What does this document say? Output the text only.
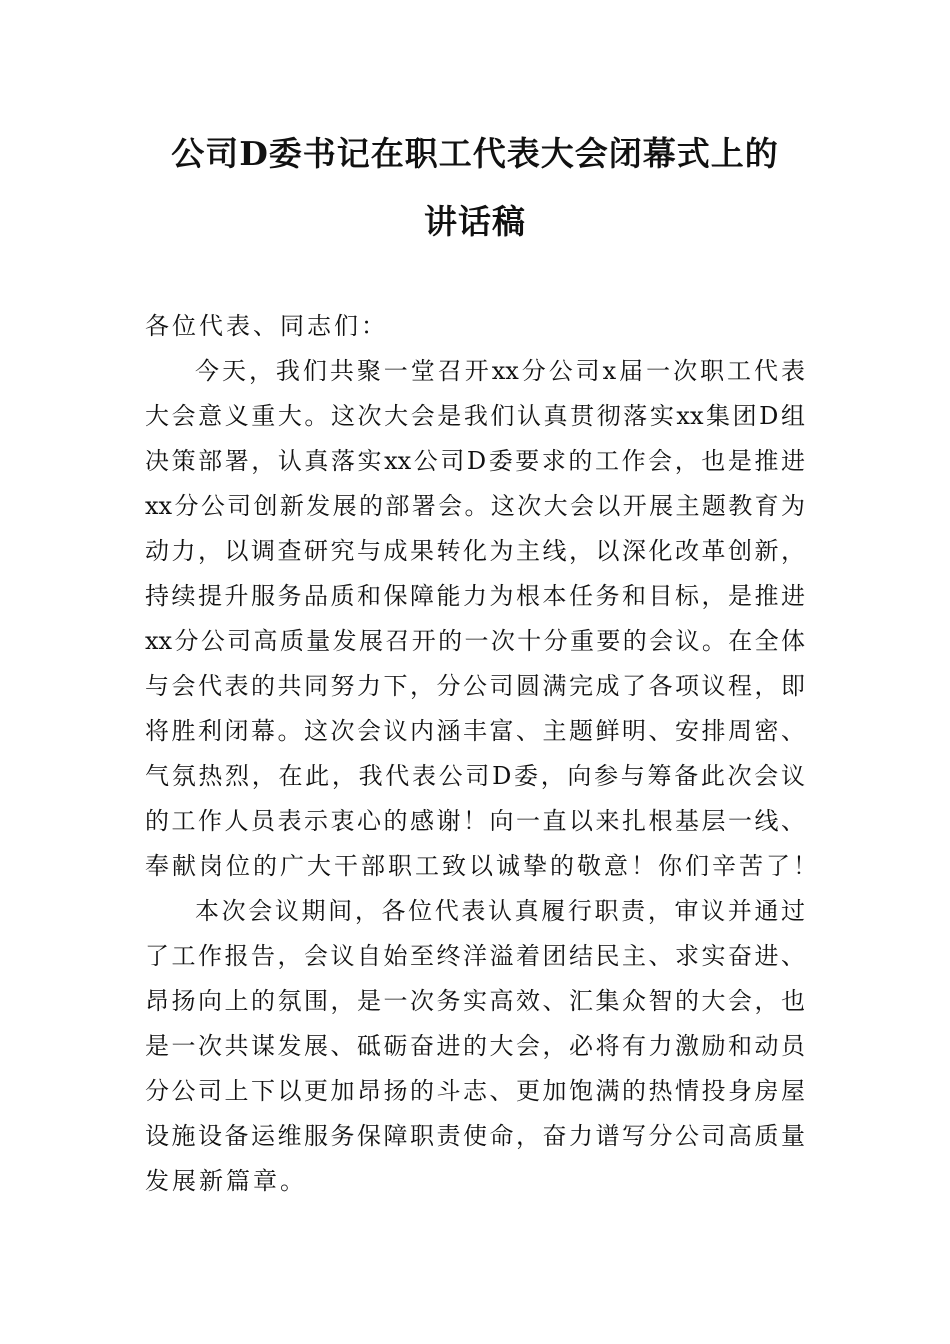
公司D委书记在职工代表大会闭幕式上的
讲话稿
各位代表、同志们：
今天，我们共聚一堂召开xx分公司x届一次职工代表
大会意义重大。这次大会是我们认真贯彻落实xx集团D组
决策部署，认真落实xx公司D委要求的工作会，也是推进
xx分公司创新发展的部署会。这次大会以开展主题教育为
动力，以调查研究与成果转化为主线，以深化改革创新，
持续提升服务品质和保障能力为根本任务和目标，是推进
xx分公司高质量发展召开的一次十分重要的会议。在全体
与会代表的共同努力下，分公司圆满完成了各项议程，即
将胜利闭幕。这次会议内涵丰富、主题鲜明、安排周密、
气氛热烈，在此，我代表公司D委，向参与筹备此次会议
的工作人员表示衷心的感谢！向一直以来扎根基层一线、
奉献岗位的广大干部职工致以诚挚的敬意！你们辛苦了！
本次会议期间，各位代表认真履行职责，审议并通过
了工作报告，会议自始至终洋溢着团结民主、求实奋进、
昂扬向上的氛围，是一次务实高效、汇集众智的大会，也
是一次共谋发展、砥砺奋进的大会，必将有力激励和动员
分公司上下以更加昂扬的斗志、更加饱满的热情投身房屋
设施设备运维服务保障职责使命，奋力谱写分公司高质量
发展新篇章。
